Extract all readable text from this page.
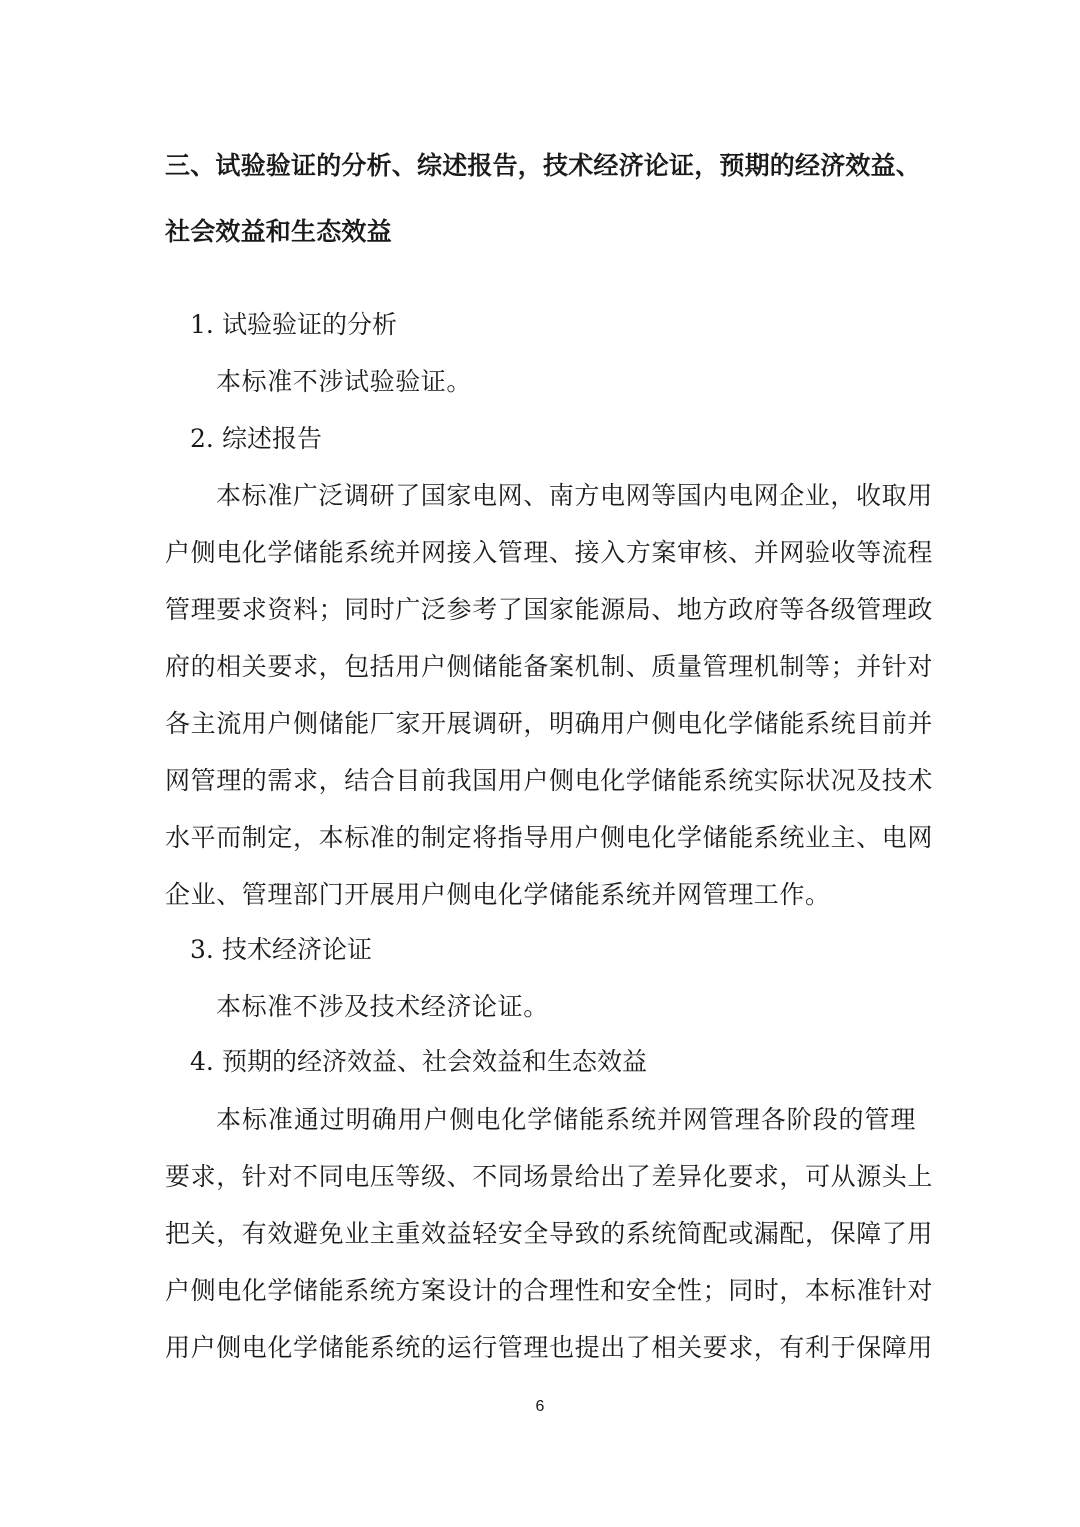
三、试验验证的分析、综述报告，技术经济论证，预期的经济效益、
社会效益和生态效益
1. 试验验证的分析
本标准不涉试验验证。
2. 综述报告
本标准广泛调研了国家电网、南方电网等国内电网企业，收取用
户侧电化学储能系统并网接入管理、接入方案审核、并网验收等流程
管理要求资料；同时广泛参考了国家能源局、地方政府等各级管理政
府的相关要求，包括用户侧储能备案机制、质量管理机制等；并针对
各主流用户侧储能厂家开展调研，明确用户侧电化学储能系统目前并
网管理的需求，结合目前我国用户侧电化学储能系统实际状况及技术
水平而制定，本标准的制定将指导用户侧电化学储能系统业主、电网
企业、管理部门开展用户侧电化学储能系统并网管理工作。
3. 技术经济论证
本标准不涉及技术经济论证。
4. 预期的经济效益、社会效益和生态效益
本标准通过明确用户侧电化学储能系统并网管理各阶段的管理
要求，针对不同电压等级、不同场景给出了差异化要求，可从源头上
把关，有效避免业主重效益轻安全导致的系统简配或漏配，保障了用
户侧电化学储能系统方案设计的合理性和安全性；同时，本标准针对
用户侧电化学储能系统的运行管理也提出了相关要求，有利于保障用
6
